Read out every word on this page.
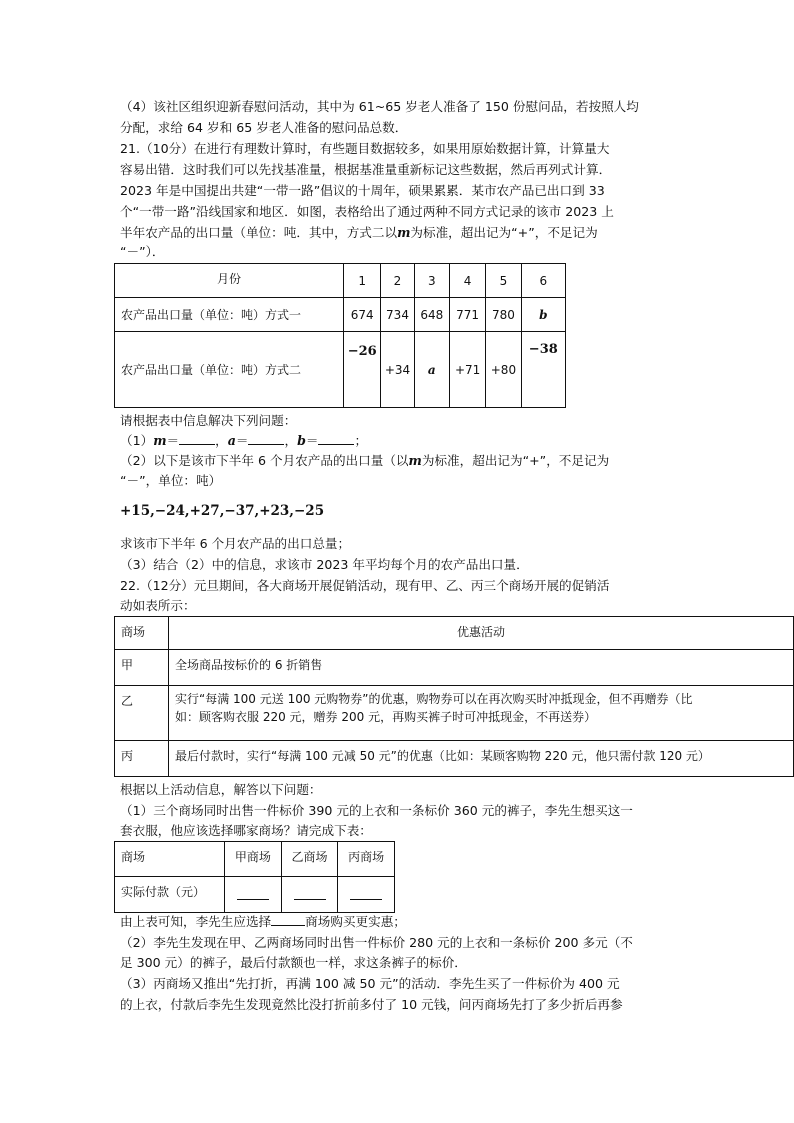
（4）该社区组织迎新春慰问活动，其中为 61~65 岁老人准备了 150 份慰问品，若按照人均
分配，求给 64 岁和 65 岁老人准备的慰问品总数．
21.（10分）在进行有理数计算时，有些题目数据较多，如果用原始数据计算，计算量大
容易出错．这时我们可以先找基准量，根据基准量重新标记这些数据，然后再列式计算．
2023 年是中国提出共建“一带一路”倡议的十周年，硕果累累．某市农产品已出口到 33
个“一带一路”沿线国家和地区．如图，表格给出了通过两种不同方式记录的该市 2023 上
半年农产品的出口量（单位：吨．其中，方式二以m为标准，超出记为“+”，不足记为
“－”）．
月份	1	2	3	4	5	6
农产品出口量（单位：吨）方式一	674	734	648	771	780	b
农产品出口量（单位：吨）方式二	−26	+34	a	+71	+80	−38
请根据表中信息解决下列问题：
（1）m＝	，a＝	，b＝	；
（2）以下是该市下半年 6 个月农产品的出口量（以m为标准，超出记为“+”，不足记为
“－”，单位：吨）
+15,−24,+27,−37,+23,−25
求该市下半年 6 个月农产品的出口总量；
（3）结合（2）中的信息，求该市 2023 年平均每个月的农产品出口量．
22.（12分）元旦期间，各大商场开展促销活动，现有甲、乙、丙三个商场开展的促销活
动如表所示：
商场	优惠活动
甲	全场商品按标价的 6 折销售
乙	实行“每满 100 元送 100 元购物券”的优惠，购物券可以在再次购买时冲抵现金，但不再赠券（比
如：顾客购衣服 220 元，赠券 200 元，再购买裤子时可冲抵现金，不再送券）

丙	最后付款时，实行“每满 100 元减 50 元”的优惠（比如：某顾客购物 220 元，他只需付款 120 元）
根据以上活动信息，解答以下问题：
（1）三个商场同时出售一件标价 390 元的上衣和一条标价 360 元的裤子，李先生想买这一
套衣服，他应该选择哪家商场？请完成下表：
商场	甲商场	乙商场	丙商场
实际付款（元）			
由上表可知，李先生应选择	商场购买更实惠；
（2）李先生发现在甲、乙两商场同时出售一件标价 280 元的上衣和一条标价 200 多元（不
足 300 元）的裤子，最后付款额也一样，求这条裤子的标价．
（3）丙商场又推出“先打折，再满 100 减 50 元”的活动．李先生买了一件标价为 400 元
的上衣，付款后李先生发现竟然比没打折前多付了 10 元钱，问丙商场先打了多少折后再参
